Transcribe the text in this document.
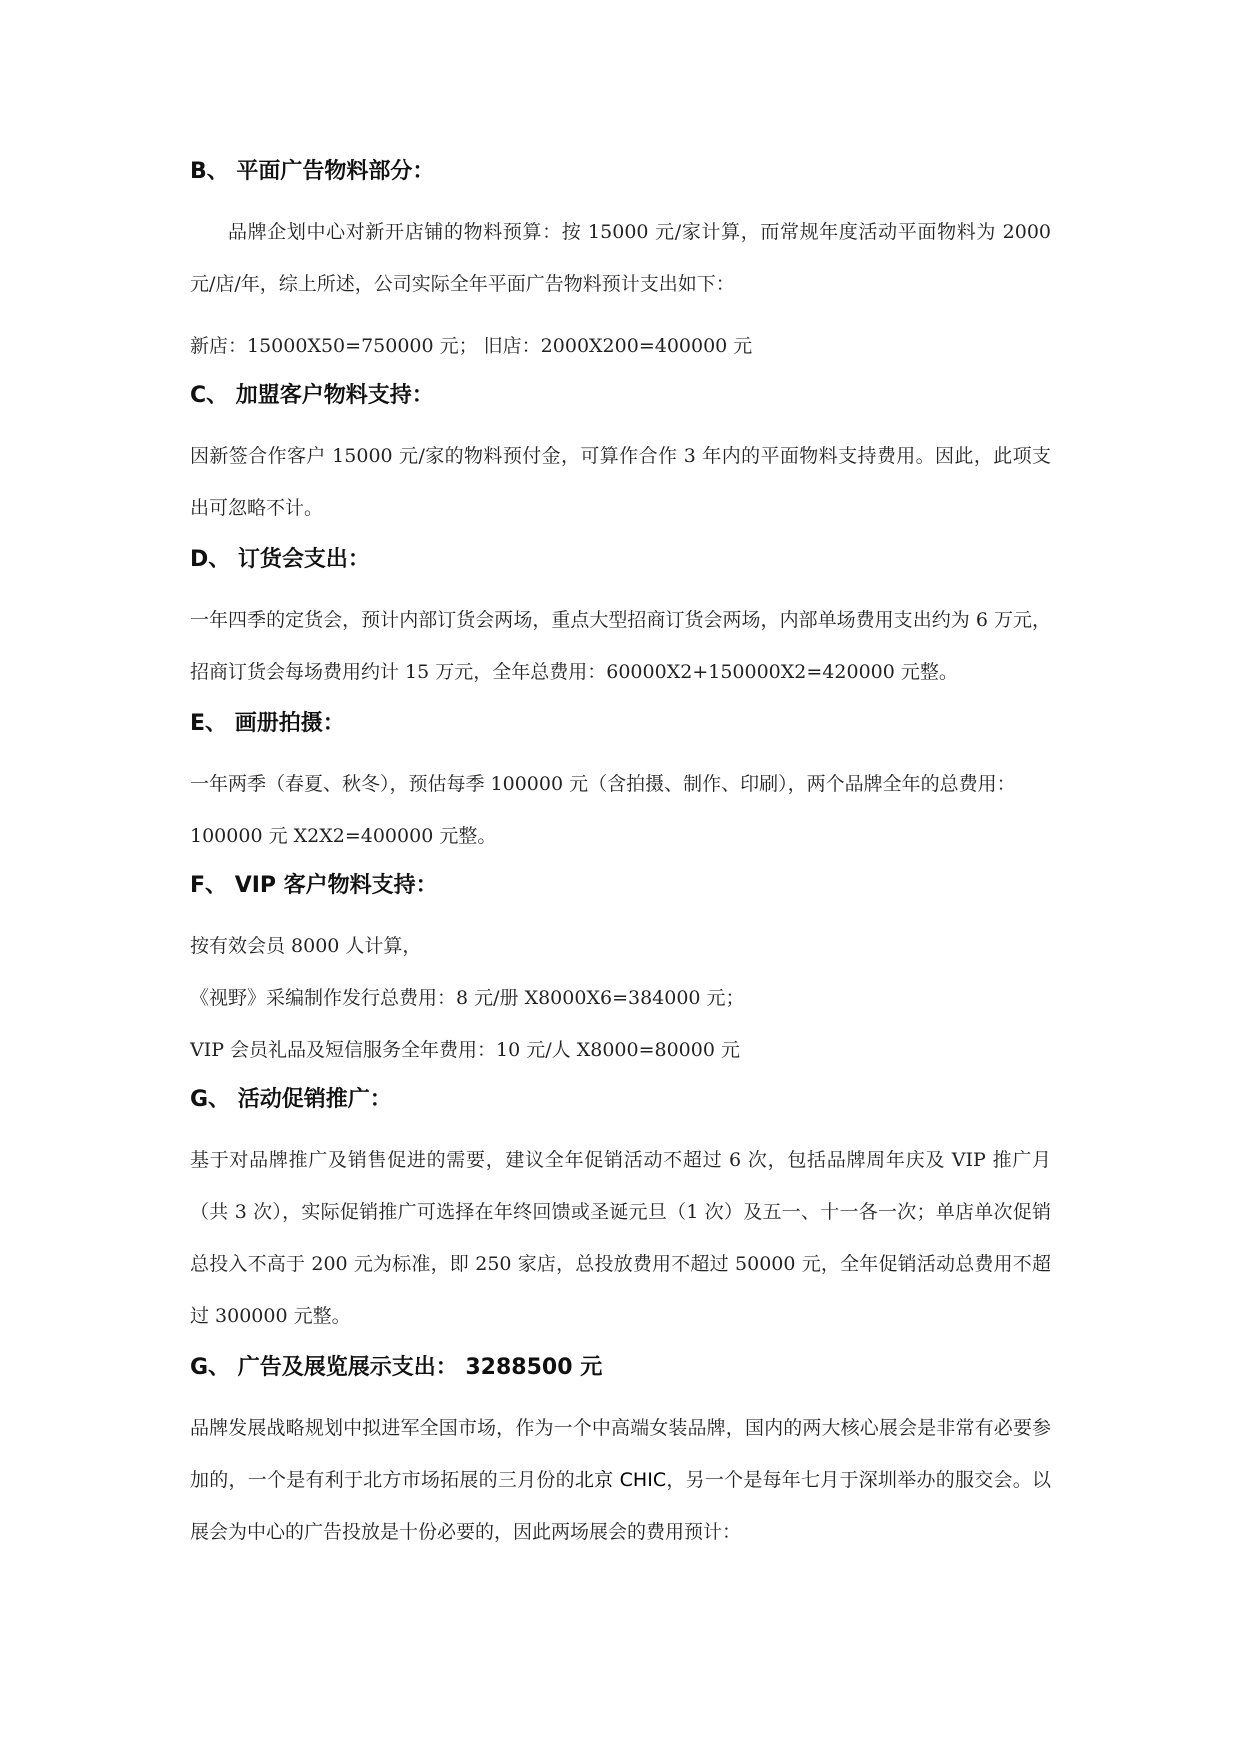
B、 平面广告物料部分：

品牌企划中心对新开店铺的物料预算：按 15000 元/家计算，而常规年度活动平面物料为 2000 元/店/年，综上所述，公司实际全年平面广告物料预计支出如下：

新店：15000X50=750000 元； 旧店：2000X200=400000 元

C、 加盟客户物料支持：

因新签合作客户 15000 元/家的物料预付金，可算作合作 3 年内的平面物料支持费用。因此，此项支出可忽略不计。

D、 订货会支出：

一年四季的定货会，预计内部订货会两场，重点大型招商订货会两场，内部单场费用支出约为 6 万元，招商订货会每场费用约计 15 万元，全年总费用：60000X2+150000X2=420000 元整。

E、 画册拍摄：

一年两季（春夏、秋冬），预估每季 100000 元（含拍摄、制作、印刷），两个品牌全年的总费用：

100000 元 X2X2=400000 元整。

F、 VIP 客户物料支持：

按有效会员 8000 人计算，

《视野》采编制作发行总费用：8 元/册 X8000X6=384000 元；

VIP 会员礼品及短信服务全年费用：10 元/人 X8000=80000 元

G、 活动促销推广：

基于对品牌推广及销售促进的需要，建议全年促销活动不超过 6 次，包括品牌周年庆及 VIP 推广月（共 3 次），实际促销推广可选择在年终回馈或圣诞元旦（1 次）及五一、十一各一次；单店单次促销总投入不高于 200 元为标准，即 250 家店，总投放费用不超过 50000 元，全年促销活动总费用不超过 300000 元整。

G、 广告及展览展示支出： 3288500 元

品牌发展战略规划中拟进军全国市场，作为一个中高端女装品牌，国内的两大核心展会是非常有必要参加的，一个是有利于北方市场拓展的三月份的北京 CHIC，另一个是每年七月于深圳举办的服交会。以展会为中心的广告投放是十份必要的，因此两场展会的费用预计：
